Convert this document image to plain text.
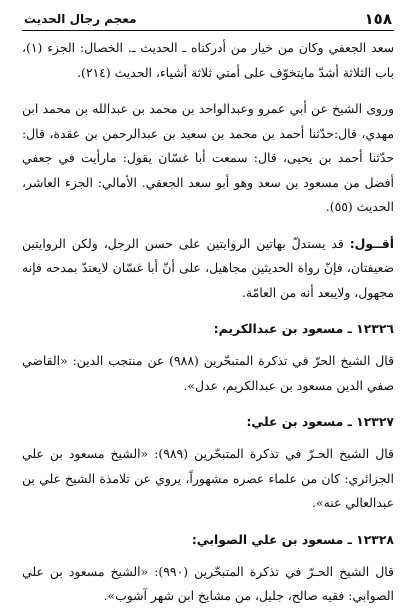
١٥٨
معجم رجال الحديث

سعد الجعفي وكان من خيار من أدركناه ـ الحديث ـ. الخصال: الجزء (١)، باب الثلاثة أشدّ مايتخوّف على أمتي ثلاثة أشياء، الحديث (٢١٤).

وروى الشيخ عن أبي عمرو وعبدالواحد بن محمد بن عبدالله بن محمد ابن مهدي، قال:حدّثنا أحمد بن محمد بن سعيد بن عبدالرحمن بن عقدة، قال: حدّثنا أحمد بن يحيى، قال: سمعت أبا غسّان يقول: مارأيت في جعفي أفضل من مسعود بن سعد وهو أبو سعد الجعفي. الأمالي: الجزء العاشر، الحديث (٥٥).

أقــول: قد يستدلّ بهاتين الروايتين على حسن الرجل، ولكن الروايتين ضعيفتان، فإنّ رواة الحديثين مجاهيل، على أنّ أبا غسّان لايعتدّ بمدحه فإنه مجهول، ولايبعد أنه من العامّة.

١٢٣٢٦ ـ مسعود بن عبدالكريم:

قال الشيخ الحرّ في تذكرة المتبحّرين (٩٨٨) عن منتجب الدين: «القاضي صفي الدين مسعود بن عبدالكريم، عدل».

١٢٣٢٧ ـ مسعود بن علي:

قال الشيخ الحـرّ في تذكرة المتبحّرين (٩٨٩): «الشيخ مسعود بن علي الجزائري: كان من علماء عصره مشهوراً، يروي عن تلامذة الشيخ علي بن عبدالعالي عنه».

١٢٣٢٨ ـ مسعود بن علي الصوابي:

قال الشيخ الحـرّ في تذكرة المتبحّرين (٩٩٠): «الشيخ مسعود بن علي الصوابي: فقيه صالح، جليل، من مشايخ ابن شهر آشوب».
